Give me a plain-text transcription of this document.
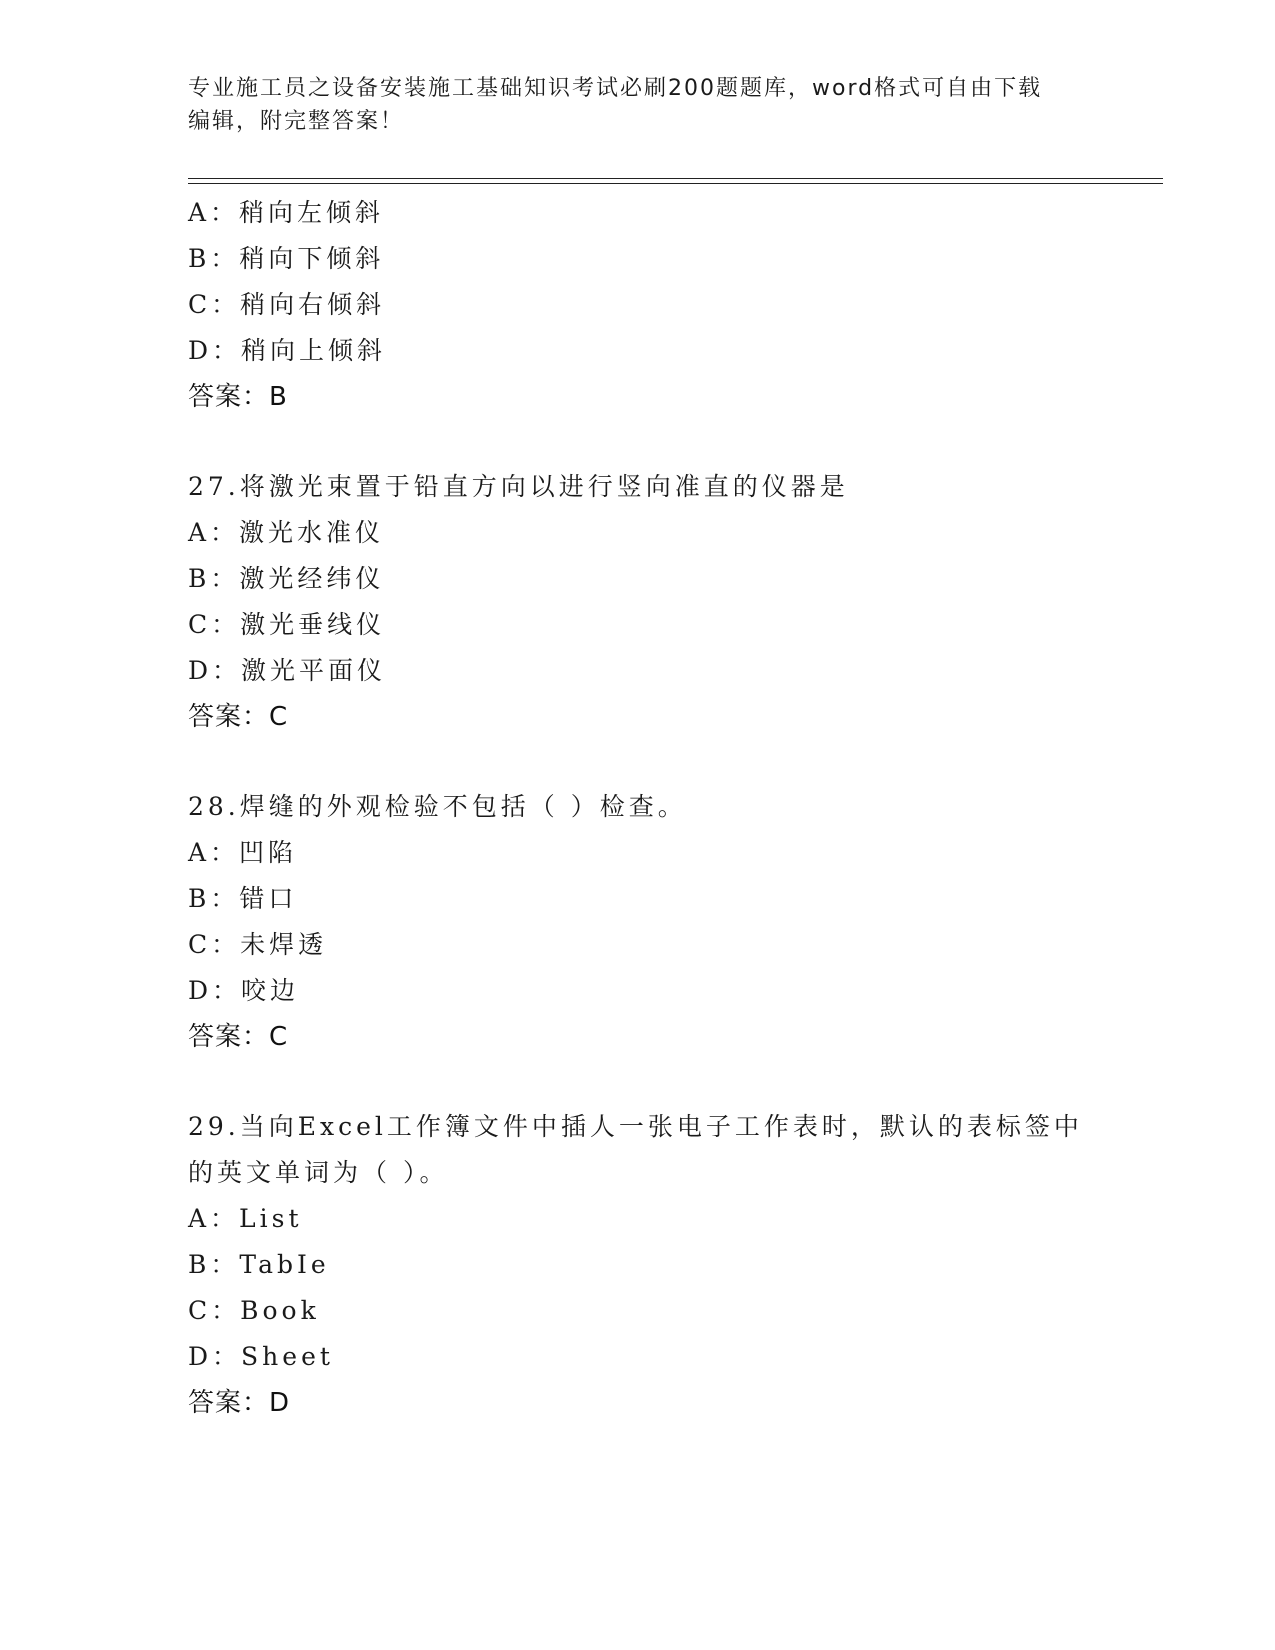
专业施工员之设备安装施工基础知识考试必刷200题题库，word格式可自由下载
编辑，附完整答案！
A：稍向左倾斜
B：稍向下倾斜
C：稍向右倾斜
D：稍向上倾斜
答案：B
27.将激光束置于铅直方向以进行竖向准直的仪器是
A：激光水准仪
B：激光经纬仪
C：激光垂线仪
D：激光平面仪
答案：C
28.焊缝的外观检验不包括（ ）检查。
A：凹陷
B：错口
C：未焊透
D：咬边
答案：C
29.当向Excel工作簿文件中插人一张电子工作表时，默认的表标签中
的英文单词为（ ）。
A：List
B：TabIe
C：Book
D：Sheet
答案：D
